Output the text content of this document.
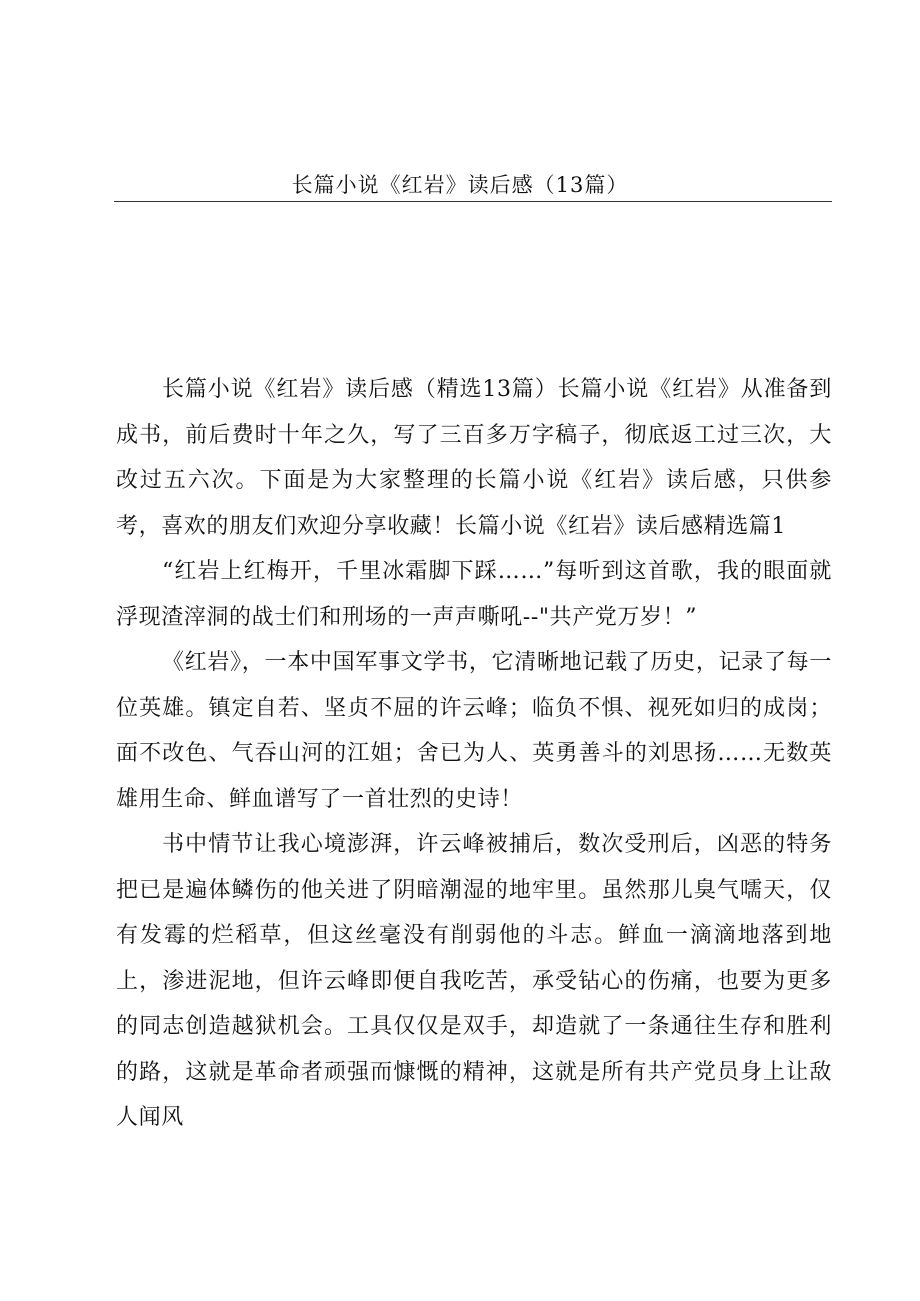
长篇小说《红岩》读后感（13篇）

长篇小说《红岩》读后感（精选13篇）长篇小说《红岩》从准备到成书，前后费时十年之久，写了三百多万字稿子，彻底返工过三次，大改过五六次。下面是为大家整理的长篇小说《红岩》读后感，只供参考，喜欢的朋友们欢迎分享收藏！长篇小说《红岩》读后感精选篇1

“红岩上红梅开，千里冰霜脚下踩……”每听到这首歌，我的眼面就浮现渣滓洞的战士们和刑场的一声声嘶吼--"共产党万岁！”

《红岩》，一本中国军事文学书，它清晰地记载了历史，记录了每一位英雄。镇定自若、坚贞不屈的许云峰；临负不惧、视死如归的成岗；面不改色、气吞山河的江姐；舍已为人、英勇善斗的刘思扬……无数英雄用生命、鲜血谱写了一首壮烈的史诗！

书中情节让我心境澎湃，许云峰被捕后，数次受刑后，凶恶的特务把已是遍体鳞伤的他关进了阴暗潮湿的地牢里。虽然那儿臭气嚅天，仅有发霉的烂稻草，但这丝毫没有削弱他的斗志。鲜血一滴滴地落到地上，渗进泥地，但许云峰即便自我吃苦，承受钻心的伤痛，也要为更多的同志创造越狱机会。工具仅仅是双手，却造就了一条通往生存和胜利的路，这就是革命者顽强而慷慨的精神，这就是所有共产党员身上让敌人闻风
